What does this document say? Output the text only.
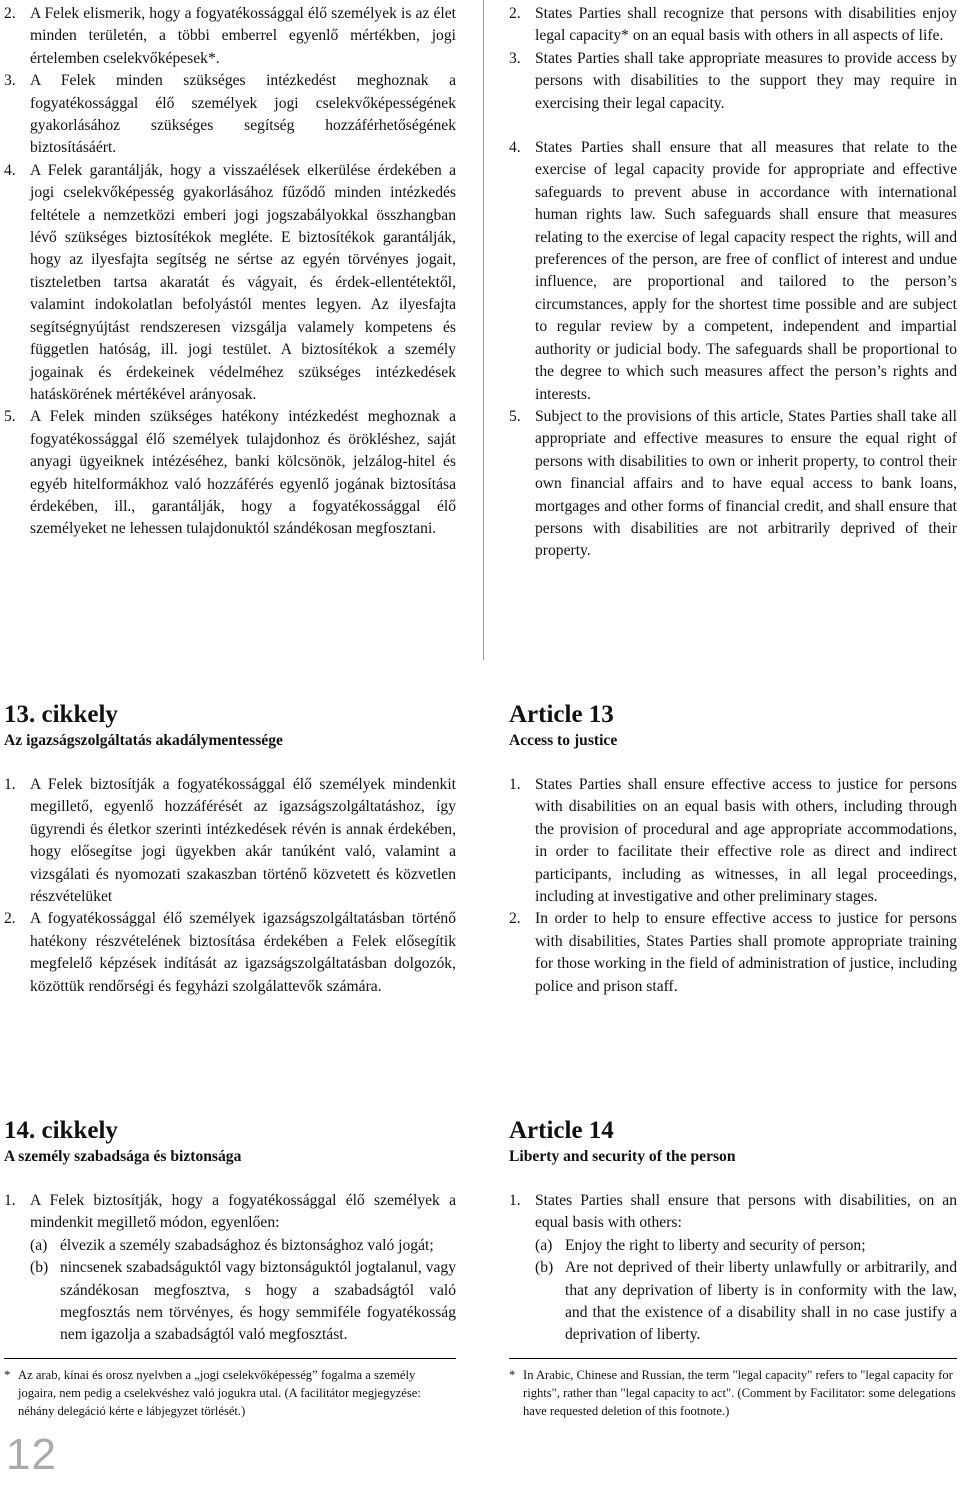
2. A Felek elismerik, hogy a fogyatékossággal élő személyek is az élet minden területén, a többi emberrel egyenlő mértékben, jogi értelemben cselekvőképesek*.
3. A Felek minden szükséges intézkedést meghoznak a fogyatékossággal élő személyek jogi cselekvőképességének gyakorlásához szükséges segítség hozzáférhetőségének biztosításáért.
4. A Felek garantálják, hogy a visszaélések elkerülése érdekében a jogi cselekvőképesség gyakorlásához fűződő minden intézkedés feltétele a nemzetközi emberi jogi jogszabályokkal összhangban lévő szükséges biztosítékok megléte. E biztosítékok garantálják, hogy az ilyesfajta segítség ne sértse az egyén törvényes jogait, tiszteletben tartsa akaratát és vágyait, és érdek-ellentétektől, valamint indokolatlan befolyástól mentes legyen. Az ilyesfajta segítségnyújtást rendszeresen vizsgálja valamely kompetens és független hatóság, ill. jogi testület. A biztosítékok a személy jogainak és érdekeinek védelméhez szükséges intézkedések hatáskörének mértékével arányosak.
5. A Felek minden szükséges hatékony intézkedést meghoznak a fogyatékossággal élő személyek tulajdonhoz és örökléshez, saját anyagi ügyeiknek intézéséhez, banki kölcsönök, jelzálog-hitel és egyéb hitelformákhoz való hozzáférés egyenlő jogának biztosítása érdekében, ill., garantálják, hogy a fogyatékossággal élő személyeket ne lehessen tulajdonuktól szándékosan megfosztani.
2. States Parties shall recognize that persons with disabilities enjoy legal capacity* on an equal basis with others in all aspects of life.
3. States Parties shall take appropriate measures to provide access by persons with disabilities to the support they may require in exercising their legal capacity.
4. States Parties shall ensure that all measures that relate to the exercise of legal capacity provide for appropriate and effective safeguards to prevent abuse in accordance with international human rights law. Such safeguards shall ensure that measures relating to the exercise of legal capacity respect the rights, will and preferences of the person, are free of conflict of interest and undue influence, are proportional and tailored to the person’s circumstances, apply for the shortest time possible and are subject to regular review by a competent, independent and impartial authority or judicial body. The safeguards shall be proportional to the degree to which such measures affect the person’s rights and interests.
5. Subject to the provisions of this article, States Parties shall take all appropriate and effective measures to ensure the equal right of persons with disabilities to own or inherit property, to control their own financial affairs and to have equal access to bank loans, mortgages and other forms of financial credit, and shall ensure that persons with disabilities are not arbitrarily deprived of their property.
13. cikkely
Az igazságszolgáltatás akadálymentessége
1. A Felek biztosítják a fogyatékossággal élő személyek mindenkit megillető, egyenlő hozzáférését az igazságszolgáltatáshoz, így ügyrendi és életkor szerinti intézkedések révén is annak érdekében, hogy elősegítse jogi ügyekben akár tanúként való, valamint a vizsgálati és nyomozati szakaszban történő közvetett és közvetlen részvételüket
2. A fogyatékossággal élő személyek igazságszolgáltatásban történő hatékony részvételének biztosítása érdekében a Felek elősegítik megfelelő képzések indítását az igazságszolgáltatásban dolgozók, közöttük rendőrségi és fegyházi szolgálattevők számára.
Article 13
Access to justice
1. States Parties shall ensure effective access to justice for persons with disabilities on an equal basis with others, including through the provision of procedural and age appropriate accommodations, in order to facilitate their effective role as direct and indirect participants, including as witnesses, in all legal proceedings, including at investigative and other preliminary stages.
2. In order to help to ensure effective access to justice for persons with disabilities, States Parties shall promote appropriate training for those working in the field of administration of justice, including police and prison staff.
14. cikkely
A személy szabadsága és biztonsága
1. A Felek biztosítják, hogy a fogyatékossággal élő személyek a mindenkit megillető módon, egyenlően:
(a) élvezik a személy szabadsághoz és biztonsághoz való jogát;
(b) nincsenek szabadságuktól vagy biztonságuktól jogtalanul, vagy szándékosan megfosztva, s hogy a szabadságtól való megfosztás nem törvényes, és hogy semmiféle fogyatékosság nem igazolja a szabadságtól való megfosztást.
Article 14
Liberty and security of the person
1. States Parties shall ensure that persons with disabilities, on an equal basis with others:
(a) Enjoy the right to liberty and security of person;
(b) Are not deprived of their liberty unlawfully or arbitrarily, and that any deprivation of liberty is in conformity with the law, and that the existence of a disability shall in no case justify a deprivation of liberty.
* Az arab, kínai és orosz nyelvben a „jogi cselekvőképesség” fogalma a személy jogaira, nem pedig a cselekvéshez való jogukra utal. (A facilitátor megjegyzése: néhány delegáció kérte e lábjegyzet törlését.)
* In Arabic, Chinese and Russian, the term "legal capacity" refers to "legal capacity for rights", rather than "legal capacity to act". (Comment by Facilitator: some delegations have requested deletion of this footnote.)
12
